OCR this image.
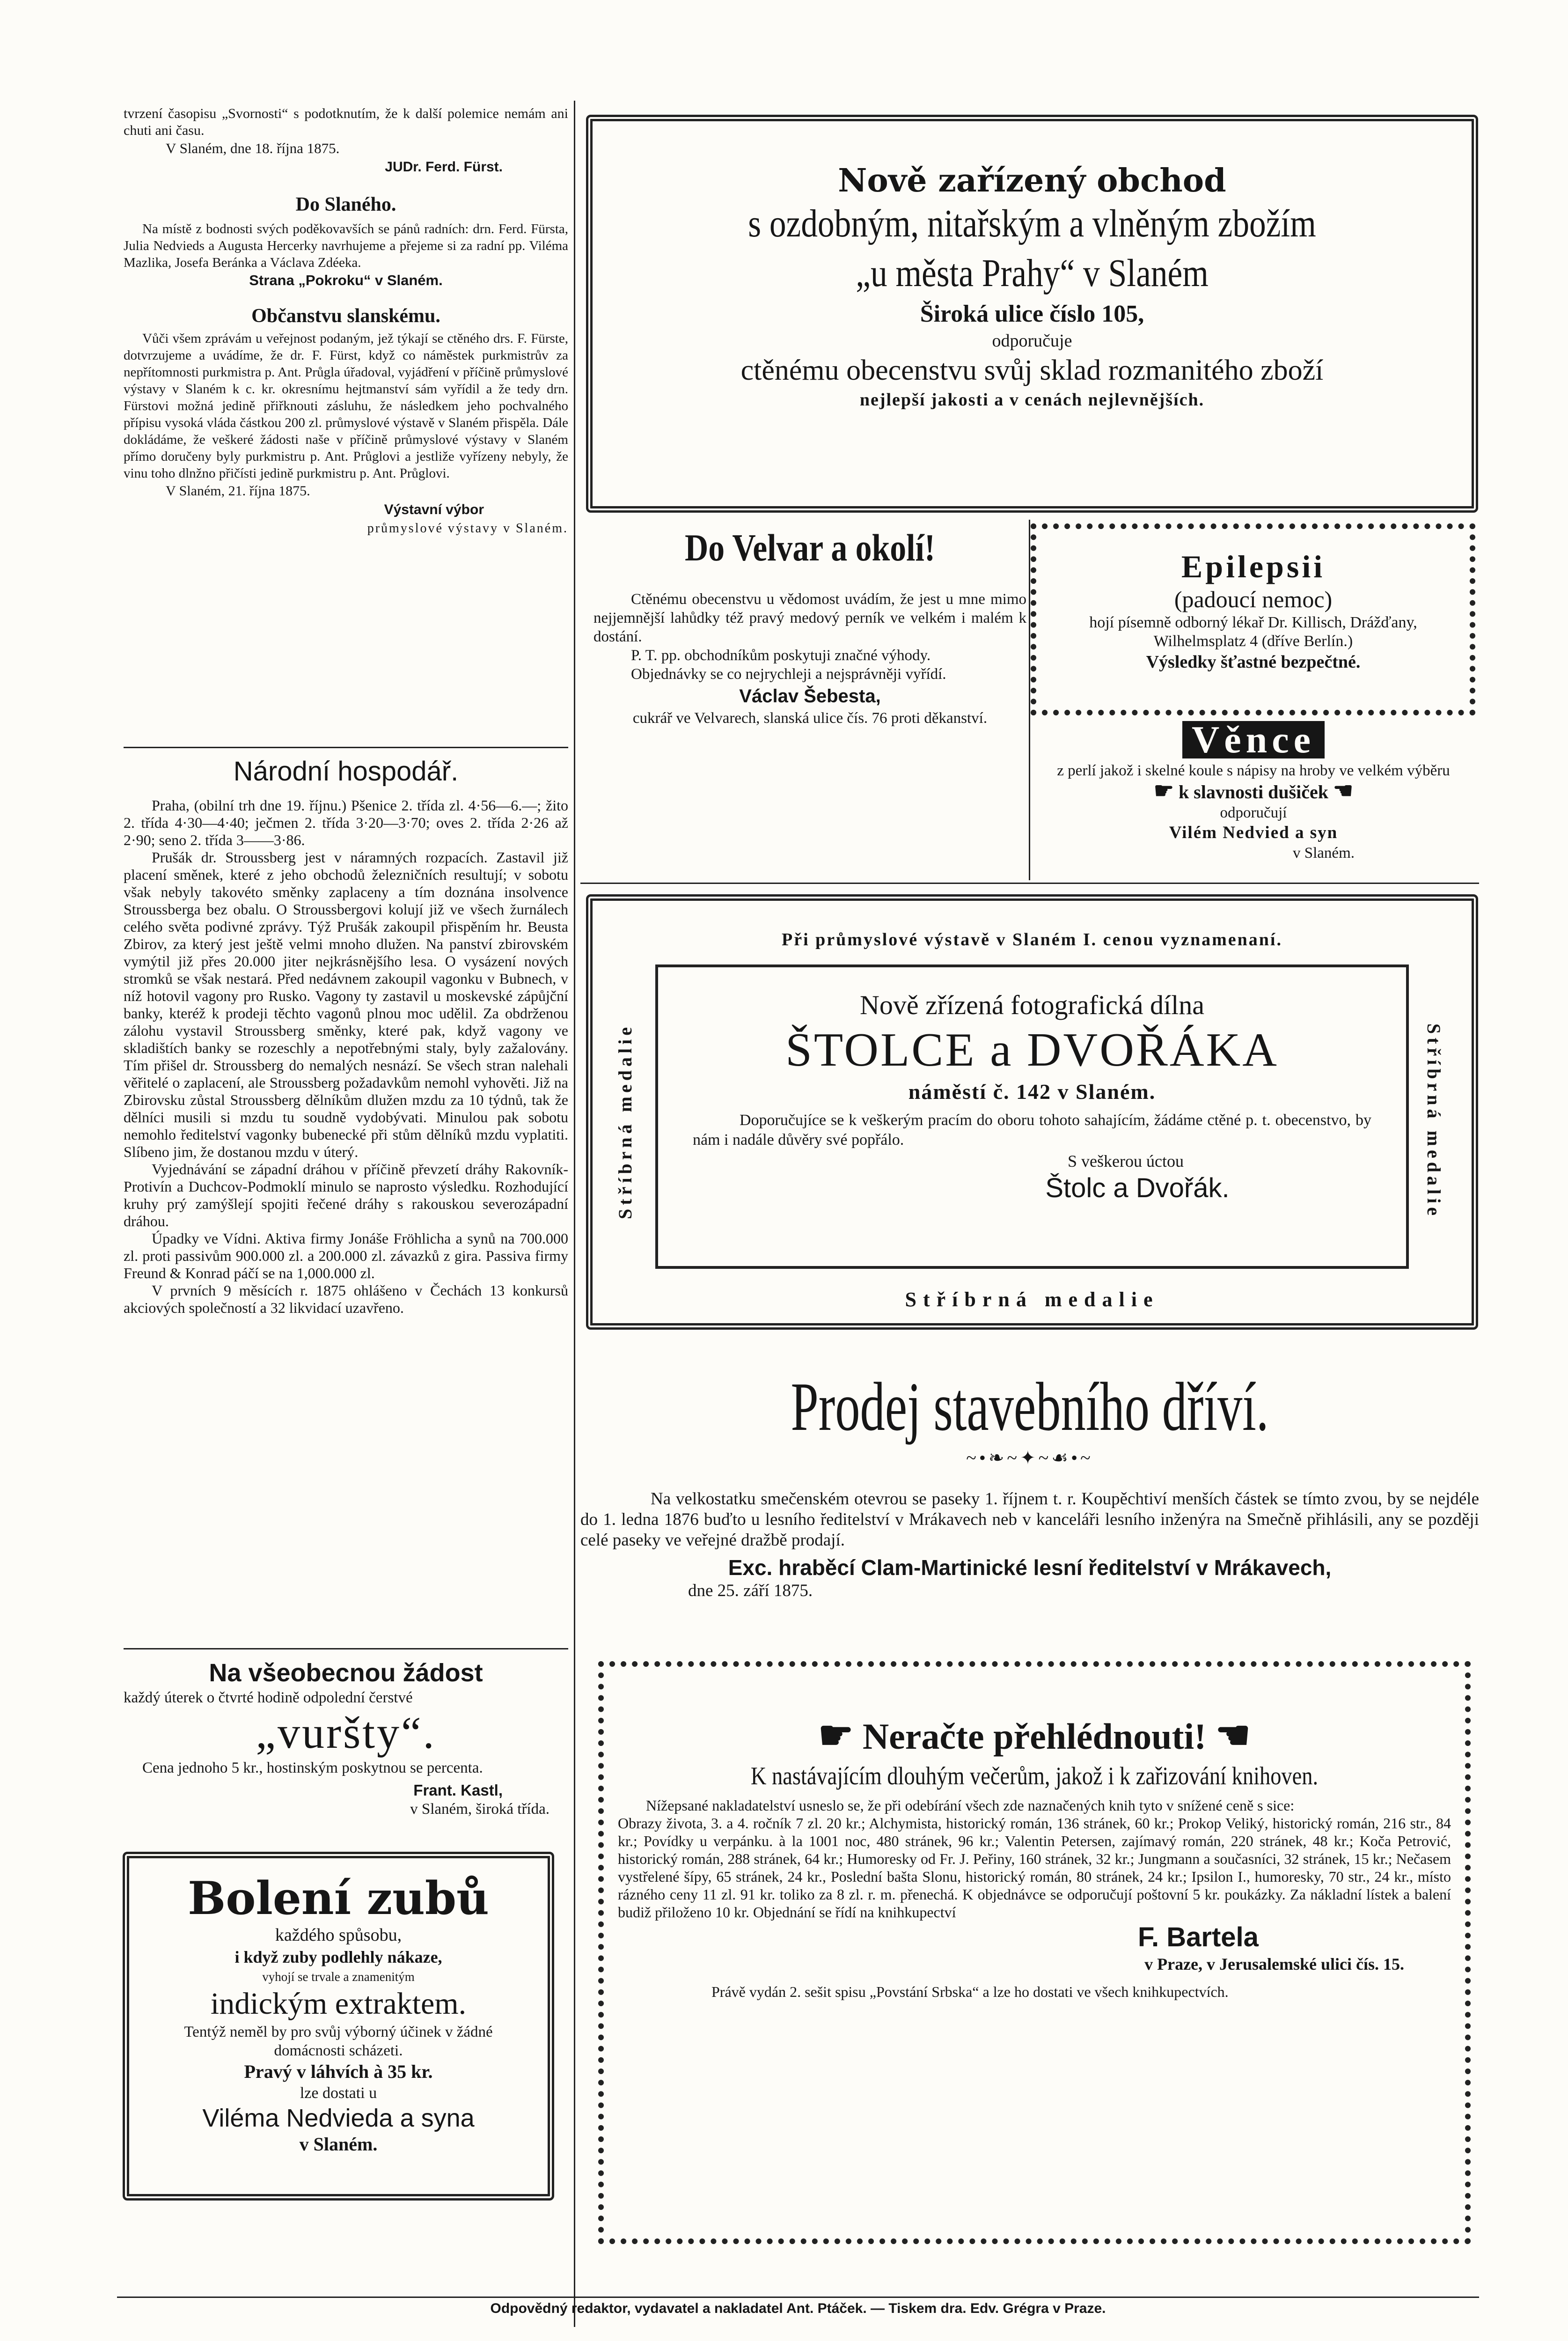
tvrzení časopisu „Svornosti“ s podotknutím, že k další polemice nemám ani chuti ani času.

V Slaném, dne 18. října 1875.

JUDr. Ferd. Fürst.

Do Slaného.

Na místě z bodnosti svých poděkovavších se pánů radních: drn. Ferd. Fürsta, Julia Nedvieds a Augusta Hercerky navrhujeme a přejeme si za radní pp. Viléma Mazlika, Josefa Beránka a Václava Zdéeka.

Strana „Pokroku“ v Slaném.

Občanstvu slanskému.

Vůči všem zprávám u veřejnost podaným, jež týkají se ctěného drs. F. Fürste, dotvrzujeme a uvádíme, že dr. F. Fürst, když co náměstek purkmistrův za nepřítomnosti purkmistra p. Ant. Průgla úřadoval, vyjádření v příčině průmyslové výstavy v Slaném k c. kr. okresnímu hejtmanství sám vyřídil a že tedy drn. Fürstovi možná jedině přiřknouti zásluhu, že následkem jeho pochvalného přípisu vysoká vláda částkou 200 zl. průmyslové výstavě v Slaném přispěla. Dále dokládáme, že veškeré žádosti naše v příčině průmyslové výstavy v Slaném přímo doručeny byly purkmistru p. Ant. Průglovi a jestliže vyřízeny nebyly, že vinu toho dlnžno přičísti jedině purkmistru p. Ant. Průglovi.

V Slaném, 21. října 1875.

Výstavní výbor

průmyslové výstavy v Slaném.

Národní hospodář.

Praha, (obilní trh dne 19. říjnu.) Pšenice 2. třída zl. 4·56—6.—; žito 2. třída 4·30—4·40; ječmen 2. třída 3·20—3·70; oves 2. třída 2·26 až 2·90; seno 2. třída 3——3·86.

Prušák dr. Stroussberg jest v náramných rozpacích. Zastavil již placení směnek, které z jeho obchodů železničních resultují; v sobotu však nebyly takovéto směnky zaplaceny a tím doznána insolvence Stroussberga bez obalu. O Stroussbergovi kolují již ve všech žurnálech celého světa podivné zprávy. Týž Prušák zakoupil přispěním hr. Beusta Zbirov, za který jest ještě velmi mnoho dlužen. Na panství zbirovském vymýtil již přes 20.000 jiter nejkrásnějšího lesa. O vysázení nových stromků se však nestará. Před nedávnem zakoupil vagonku v Bubnech, v níž hotovil vagony pro Rusko. Vagony ty zastavil u moskevské zápůjční banky, kteréž k prodeji těchto vagonů plnou moc udělil. Za obdrženou zálohu vystavil Stroussberg směnky, které pak, když vagony ve skladištích banky se rozeschly a nepotřebnými staly, byly zažalovány. Tím přišel dr. Stroussberg do nemalých nesnází. Se všech stran nalehali věřitelé o zaplacení, ale Stroussberg požadavkům nemohl vyhověti. Již na Zbirovsku zůstal Stroussberg dělníkům dlužen mzdu za 10 týdnů, tak že dělníci musili si mzdu tu soudně vydobývati. Minulou pak sobotu nemohlo ředitelství vagonky bubenecké při stům dělníků mzdu vyplatiti. Slíbeno jim, že dostanou mzdu v úterý.

Vyjednávání se západní dráhou v příčině převzetí dráhy Rakovník-Protivín a Duchcov-Podmoklí minulo se naprosto výsledku. Rozhodující kruhy prý zamýšlejí spojiti řečené dráhy s rakouskou severozápadní dráhou.

Úpadky ve Vídni. Aktiva firmy Jonáše Fröhlicha a synů na 700.000 zl. proti passivům 900.000 zl. a 200.000 zl. závazků z gira. Passiva firmy Freund & Konrad páčí se na 1,000.000 zl.

V prvních 9 měsících r. 1875 ohlášeno v Čechách 13 konkursů akciových společností a 32 likvidací uzavřeno.

Na všeobecnou žádost

každý úterek o čtvrté hodině odpolední čerstvé

„vuršty“.

Cena jednoho 5 kr., hostinským poskytnou se percenta.

Frant. Kastl,

v Slaném, široká třída.

Bolení zubů
každého spůsobu,
i když zuby podlehly nákaze,
vyhojí se trvale a znamenitým
indickým extraktem.
Tentýž neměl by pro svůj výborný účinek v žádné domácnosti scházeti.
Pravý v láhvích à 35 kr.
lze dostati u
Viléma Nedvieda a syna
v Slaném.
Nově zařízený obchod
s ozdobným, nitařským a vlněným zbožím
„u města Prahy“ v Slaném
Široká ulice číslo 105,
odporučuje
ctěnému obecenstvu svůj sklad rozmanitého zboží
nejlepší jakosti a v cenách nejlevnějších.
Do Velvar a okolí!

Ctěnému obecenstvu u vědomost uvádím, že jest u mne mimo nejjemnější lahůdky též pravý medový perník ve velkém i malém k dostání.

P. T. pp. obchodníkům poskytuji značné výhody.

Objednávky se co nejrychleji a nejsprávněji vyřídí.

Václav Šebesta,

cukrář ve Velvarech, slanská ulice čís. 76 proti děkanství.

Epilepsii
(padoucí nemoc)
hojí písemně odborný lékař Dr. Killisch, Drážďany, Wilhelmsplatz 4 (dříve Berlín.)
Výsledky šťastné bezpečtné.
Věnce
z perlí jakož i skelné koule s nápisy na hroby ve velkém výběru
☛ k slavnosti dušiček ☚
odporučují
Vilém Nedvied a syn
v Slaném.
Při průmyslové výstavě v Slaném I. cenou vyznamenaní.
Stříbrná medalie	Stříbrná medalie
Nově zřízená fotografická dílna
ŠTOLCE a DVOŘÁKA
náměstí č. 142 v Slaném.
Doporučujíce se k veškerým pracím do oboru tohoto sahajícím, žádáme ctěné p. t. obecenstvo, by nám i nadále důvěry své popřálo.
S veškerou úctou
Štolc a Dvořák.
Stříbrná medalie
Prodej stavebního dříví.
~•❧~✦~☙•~

Na velkostatku smečenském otevrou se paseky 1. říjnem t. r. Koupěchtiví menších částek se tímto zvou, by se nejdéle do 1. ledna 1876 buďto u lesního ředitelství v Mrákavech neb v kanceláři lesního inženýra na Smečně přihlásili, any se později celé paseky ve veřejné dražbě prodají.

Exc. hraběcí Clam-Martinické lesní ředitelství v Mrákavech,

dne 25. září 1875.

☛ Neračte přehlédnouti! ☚
K nastávajícím dlouhým večerům, jakož i k zařizování knihoven.
Nížepsané nakladatelství usneslo se, že při odebírání všech zde naznačených knih tyto v snížené ceně s sice:
Obrazy života, 3. a 4. ročník 7 zl. 20 kr.; Alchymista, historický román, 136 stránek, 60 kr.; Prokop Veliký, historický román, 216 str., 84 kr.; Povídky u verpánku. à la 1001 noc, 480 stránek, 96 kr.; Valentin Petersen, zajímavý román, 220 stránek, 48 kr.; Koča Petrović, historický román, 288 stránek, 64 kr.; Humoresky od Fr. J. Peřiny, 160 stránek, 32 kr.; Jungmann a současníci, 32 stránek, 15 kr.; Nečasem vystřelené šípy, 65 stránek, 24 kr., Poslední bašta Slonu, historický román, 80 stránek, 24 kr.; Ipsilon I., humoresky, 70 str., 24 kr., místo rázného ceny 11 zl. 91 kr. toliko za 8 zl. r. m. přenechá. K objednávce se odporučují poštovní 5 kr. poukázky. Za nákladní lístek a balení budiž přiloženo 10 kr. Objednání se řídí na knihkupectví
F. Bartela
v Praze, v Jerusalemské ulici čís. 15.
Právě vydán 2. sešit spisu „Povstání Srbska“ a lze ho dostati ve všech knihkupectvích.
Odpovědný redaktor, vydavatel a nakladatel Ant. Ptáček. — Tiskem dra. Edv. Grégra v Praze.
